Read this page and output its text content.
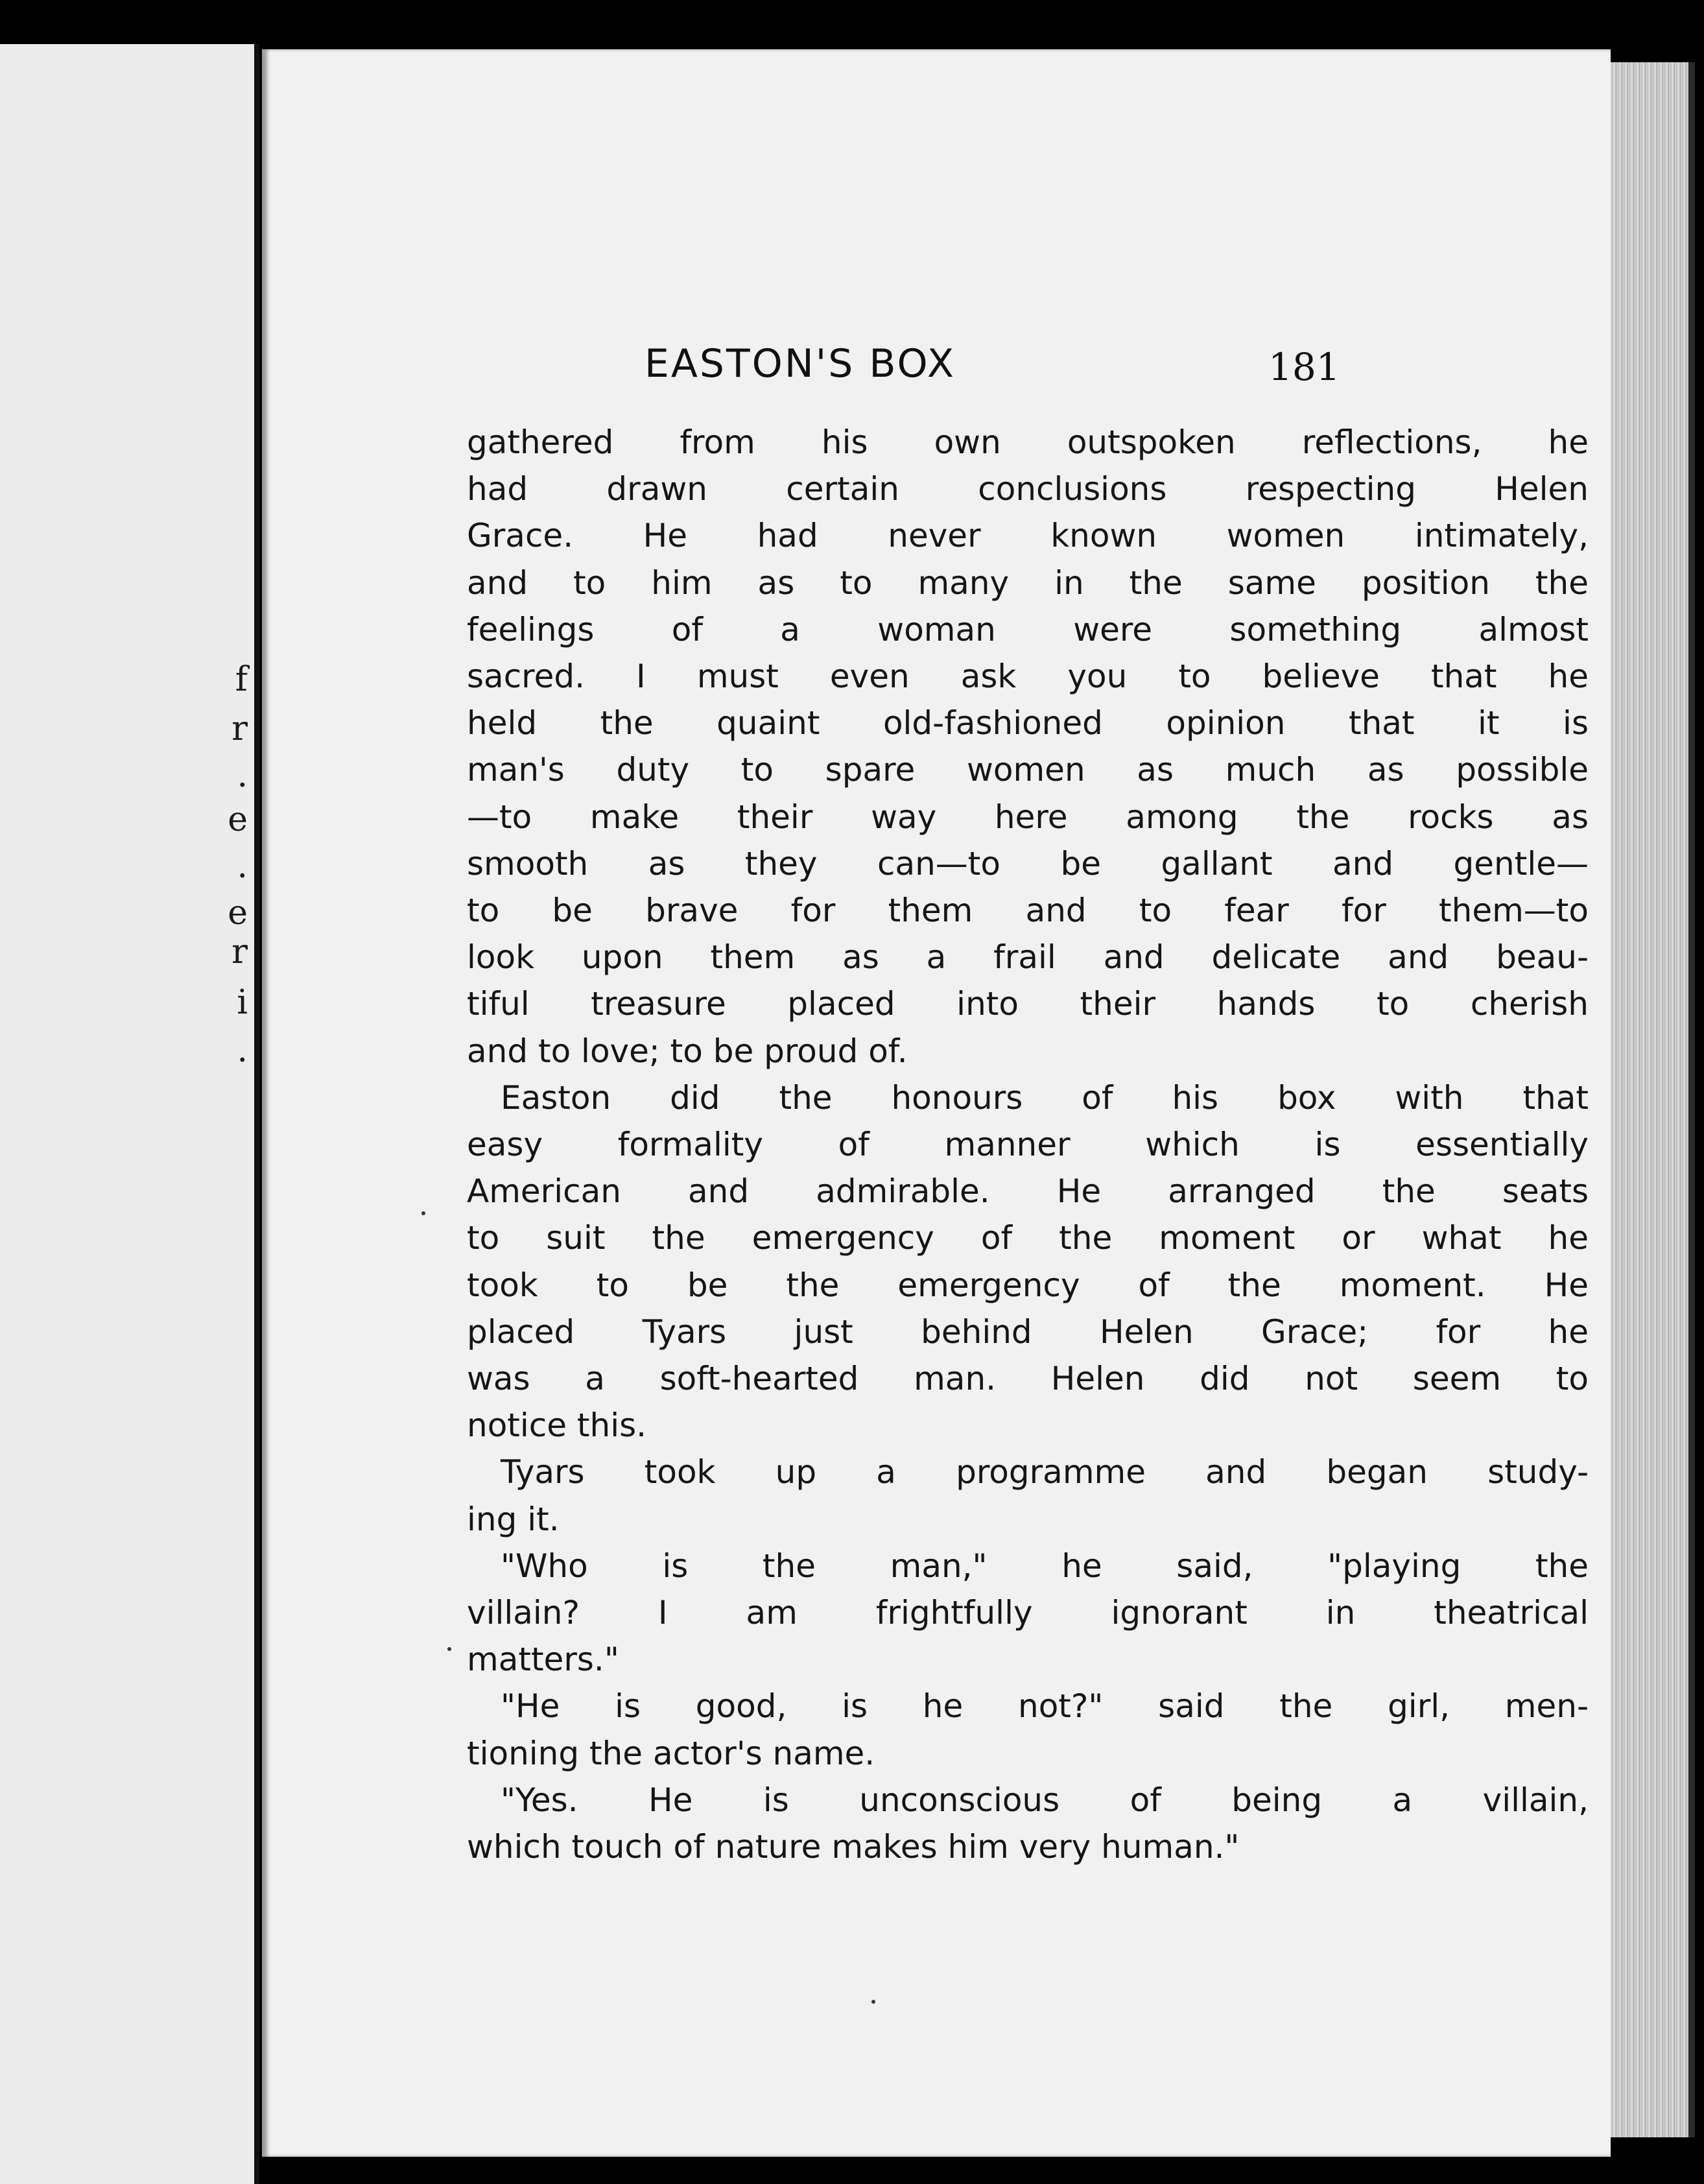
f
r
.
e
.
e
r
i
.
EASTON'S BOX	181
gathered from his own outspoken reflections, he
had drawn certain conclusions respecting Helen
Grace. He had never known women intimately,
and to him as to many in the same position the
feelings of a woman were something almost
sacred. I must even ask you to believe that he
held the quaint old-fashioned opinion that it is
man's duty to spare women as much as possible
—to make their way here among the rocks as
smooth as they can—to be gallant and gentle—
to be brave for them and to fear for them—to
look upon them as a frail and delicate and beau-
tiful treasure placed into their hands to cherish
and to love; to be proud of.
Easton did the honours of his box with that
easy formality of manner which is essentially
American and admirable. He arranged the seats
to suit the emergency of the moment or what he
took to be the emergency of the moment. He
placed Tyars just behind Helen Grace; for he
was a soft-hearted man. Helen did not seem to
notice this.
Tyars took up a programme and began study-
ing it.
"Who is the man," he said, "playing the
villain? I am frightfully ignorant in theatrical
matters."
"He is good, is he not?" said the girl, men-
tioning the actor's name.
"Yes. He is unconscious of being a villain,
which touch of nature makes him very human."
